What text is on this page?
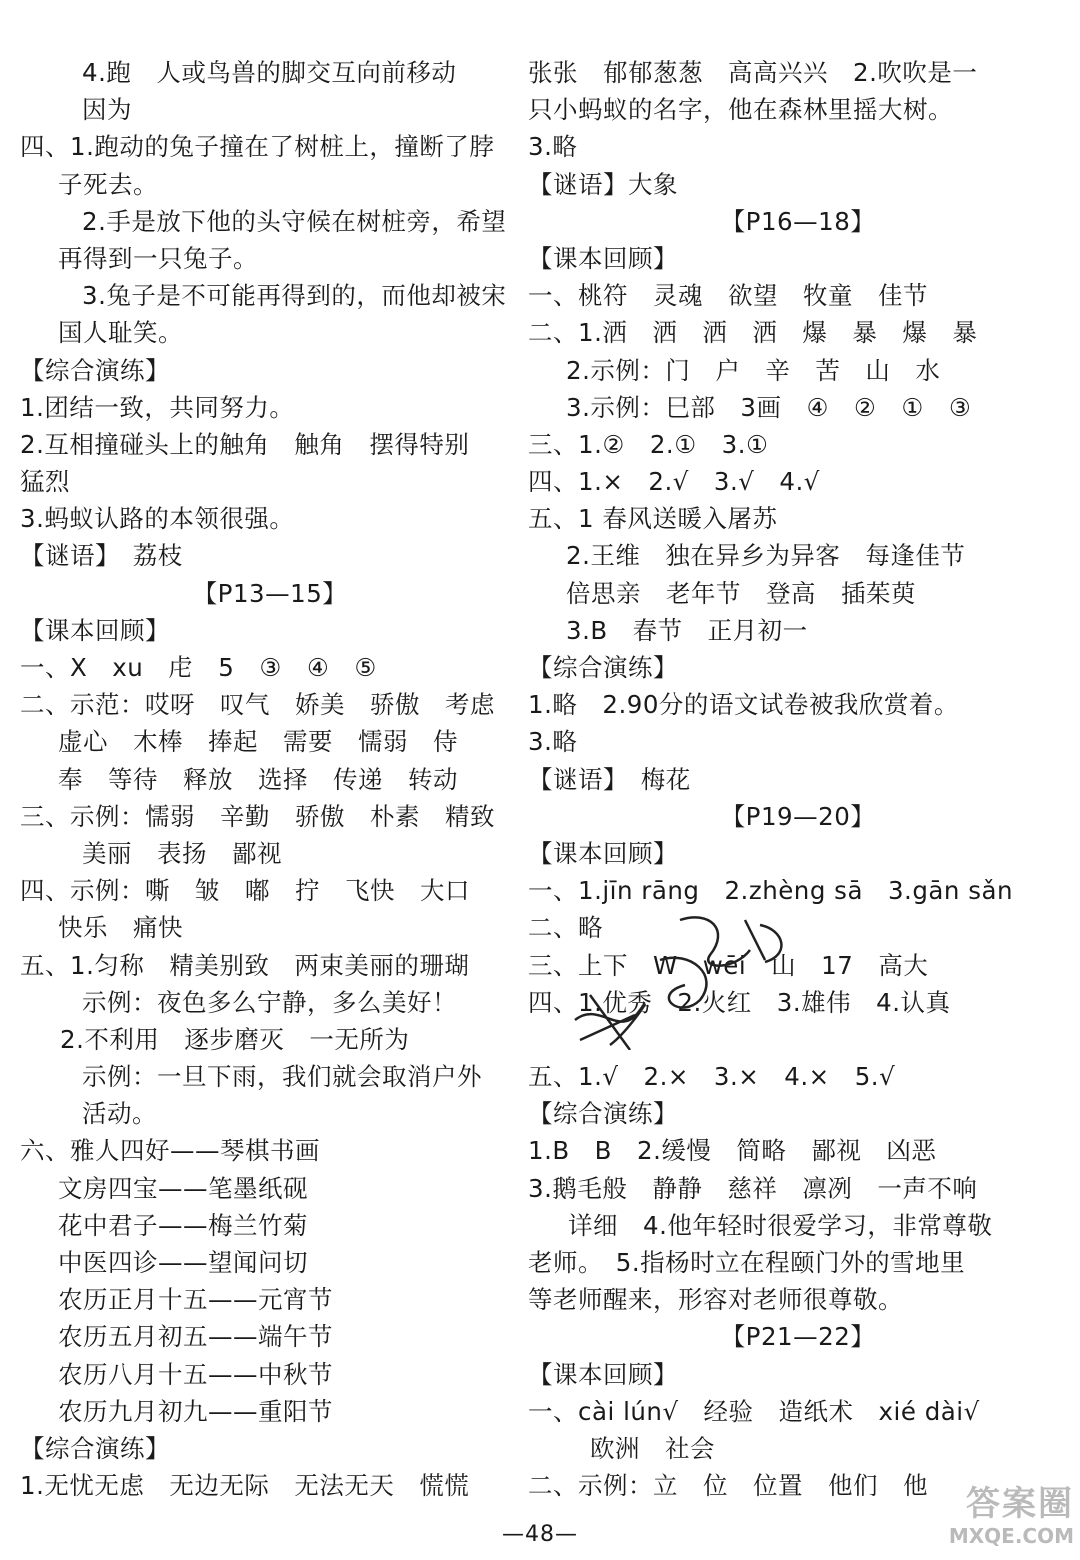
4.跑　人或鸟兽的脚交互向前移动
因为
四、1.跑动的兔子撞在了树桩上，撞断了脖
子死去。
2.手是放下他的头守候在树桩旁，希望
再得到一只兔子。
3.兔子是不可能再得到的，而他却被宋
国人耻笑。
【综合演练】
1.团结一致，共同努力。
2.互相撞碰头上的触角　触角　摆得特别
猛烈
3.蚂蚁认路的本领很强。
【谜语】　荔枝
【P13—15】
【课本回顾】
一、X　xu　虍　5　③　④　⑤
二、示范：哎呀　叹气　娇美　骄傲　考虑
虚心　木棒　捧起　需要　懦弱　侍
奉　等待　释放　选择　传递　转动
三、示例：懦弱　辛勤　骄傲　朴素　精致
美丽　表扬　鄙视
四、示例：嘶　皱　嘟　拧　飞快　大口
快乐　痛快
五、1.匀称　精美别致　两束美丽的珊瑚
示例：夜色多么宁静，多么美好！
2.不利用　逐步磨灭　一无所为
示例：一旦下雨，我们就会取消户外
活动。
六、雅人四好——琴棋书画
文房四宝——笔墨纸砚
花中君子——梅兰竹菊
中医四诊——望闻问切
农历正月十五——元宵节
农历五月初五——端午节
农历八月十五——中秋节
农历九月初九——重阳节
【综合演练】
1.无忧无虑　无边无际　无法无天　慌慌
张张　郁郁葱葱　高高兴兴　2.吹吹是一
只小蚂蚁的名字，他在森林里摇大树。
3.略
【谜语】大象
【P16—18】
【课本回顾】
一、桃符　灵魂　欲望　牧童　佳节
二、1.洒　洒　洒　洒　爆　暴　爆　暴
2.示例：门　户　辛　苦　山　水
3.示例：巳部　3画　④　②　①　③
三、1.②　2.①　3.①
四、1.×　2.√　3.√　4.√
五、1 春风送暖入屠苏
2.王维　独在异乡为异客　每逢佳节
倍思亲　老年节　登高　插茱萸
3.B　春节　正月初一
【综合演练】
1.略　2.90分的语文试卷被我欣赏着。
3.略
【谜语】　梅花
【P19—20】
【课本回顾】
一、1.jīn rāng　2.zhèng sā　3.gān sǎn
二、略
三、上下　W　wēi　山　17　高大
四、1.优秀　2.火红　3.雄伟　4.认真
五、1.√　2.×　3.×　4.×　5.√
【综合演练】
1.B　B　2.缓慢　简略　鄙视　凶恶
3.鹅毛般　静静　慈祥　凛冽　一声不响
详细　4.他年轻时很爱学习，非常尊敬
老师。　5.指杨时立在程颐门外的雪地里
等老师醒来，形容对老师很尊敬。
【P21—22】
【课本回顾】
一、cài lún√　经验　造纸术　xié dài√
欧洲　社会
二、示例：立　位　位置　他们　他
—48—
答案圈
MXQE.COM
